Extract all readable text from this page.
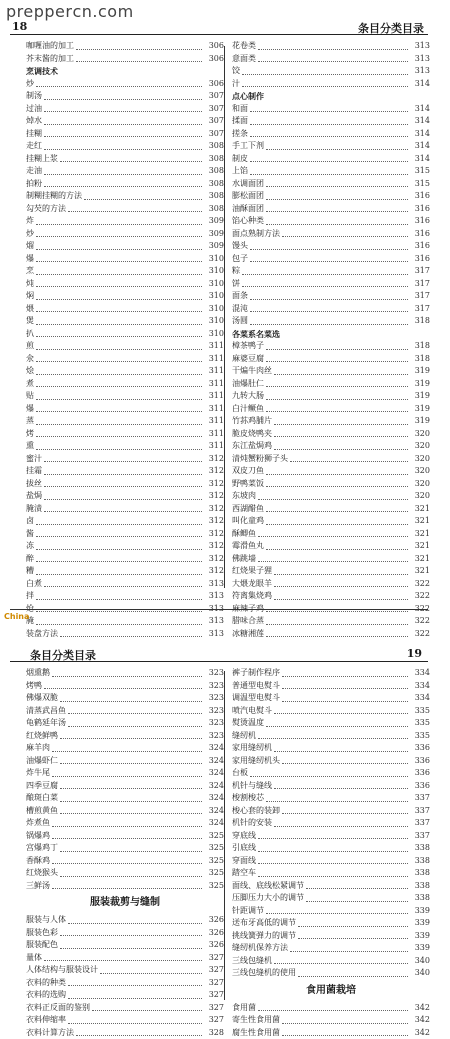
prepperсn.com
18	条目分类目录
咖喱油的加工	306
芥末酱的加工	306
烹调技术
炒	306
制汤	307
过油	307
焯水	307
挂糊	307
走红	308
挂糊上浆	308
走油	308
拍粉	308
制糊挂糊的方法	308
勾芡的方法	308
炸	309
炒	309
熘	309
爆	310
烹	310
炖	310
焖	310
煨	310
煲	310
扒	310
煎	311
氽	311
烩	311
煮	311
贴	311
爆	311
蒸	311
烤	311
熏	311
蜜汁	312
挂霜	312
拔丝	312
盐焗	312
腌渍	312
卤	312
酱	312
冻	312
醉	312
糟	312
白煮	313
拌	313
炝	313
腌	313
装盘方法	313
花卷类	313
意面类	313
饺	313
汁	314
点心制作
和面	314
揉面	314
搓条	314
手工下剂	314
制皮	314
上馅	315
水调面团	315
膨松面团	316
油酥面团	316
馅心种类	316
面点熟制方法	316
馒头	316
包子	316
粽	317
饼	317
面条	317
混沌	317
汤圆	318
各菜系名菜选
樟茶鸭子	318
麻婆豆腐	318
干煸牛肉丝	319
油爆肚仁	319
九转大肠	319
白汁鳜鱼	319
竹荪鸡脯片	319
脆皮烧鸭夹	320
东江盐焗鸡	320
清炖蟹粉狮子头	320
双皮刀鱼	320
野鸭菜饭	320
东坡肉	320
西湖醋鱼	321
叫化童鸡	321
酥鲫鱼	321
霉滑鱼丸	321
佛跳墙	321
红烧果子狸	321
大煨龙眼羊	322
符离集烧鸡	322
麻辣子鸡	322
腊味合蒸	322
冰糖湘莲	322
China
条目分类目录	19
烟熏鹅	323
烤鸭	323
佛爆双脆	323
清蒸武昌鱼	323
龟鹤延年汤	323
红烧鲜鸭	323
麻羊肉	324
油爆虾仁	324
炸牛尾	324
四季豆腐	324
酿斑白菜	324
槽煎黄鱼	324
炸煮鱼	324
锅爆鸡	325
宫爆鸡丁	325
香酥鸡	325
红烧猴头	325
三鲜汤	325
服装裁剪与缝制
服装与人体	326
服装色彩	326
服装配色	326
量体	327
人体结构与服装设计	327
衣料的种类	327
衣料的选购	327
衣料正反面的鉴别	327
衣料伸缩率	327
衣料计算方法	328
裤子制作程序	334
普通型电熨斗	334
调温型电熨斗	334
喷汽电熨斗	335
熨烫温度	335
缝纫机	335
家用缝纫机	336
家用缝纫机头	336
台板	336
机针与缝线	336
梭割梭芯	337
梭心套的装卸	337
机针的安装	337
穿底线	337
引底线	338
穿面线	338
踏空车	338
面线、底线松紧调节	338
压脚压力大小的调节	338
针距调节	339
送布牙高低的调节	339
挑线簧弹力的调节	339
缝纫机保养方法	339
三线包缝机	340
三线包缝机的使用	340
食用菌栽培
食用菌	342
寄生性食用菌	342
腐生性食用菌	342
